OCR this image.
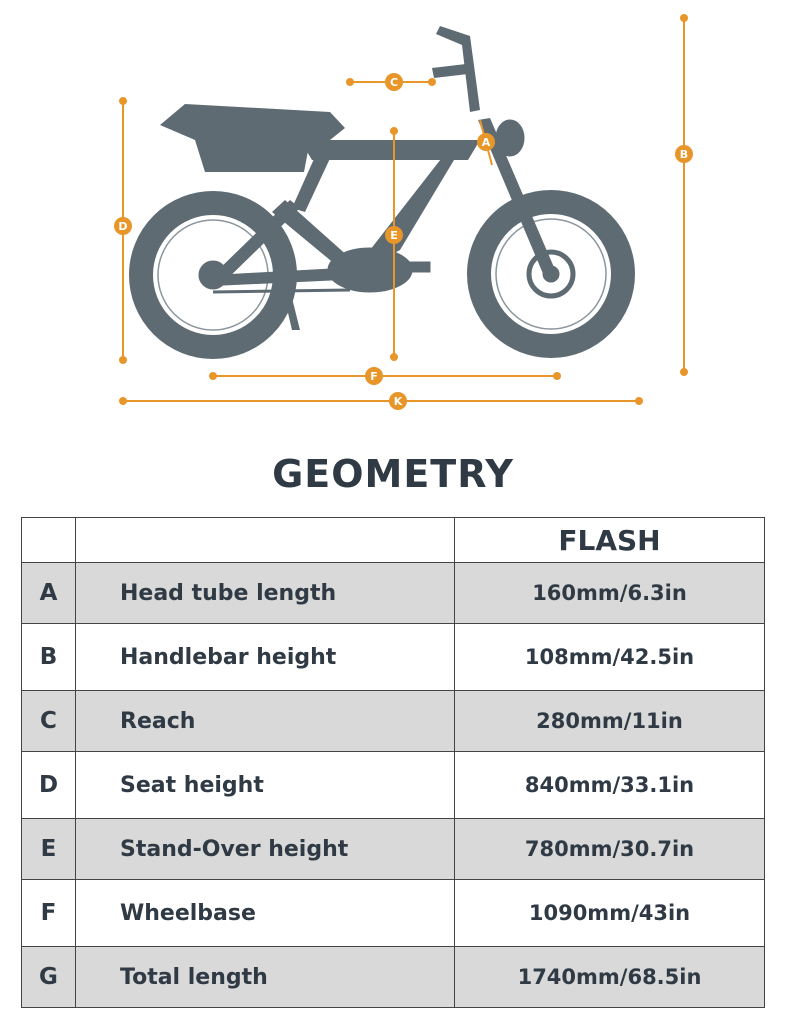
A
B
C
D
E
F
K
GEOMETRY
		FLASH
A	Head tube length	160mm/6.3in
B	Handlebar height	108mm/42.5in
C	Reach	280mm/11in
D	Seat height	840mm/33.1in
E	Stand-Over height	780mm/30.7in
F	Wheelbase	1090mm/43in
G	Total length	1740mm/68.5in
